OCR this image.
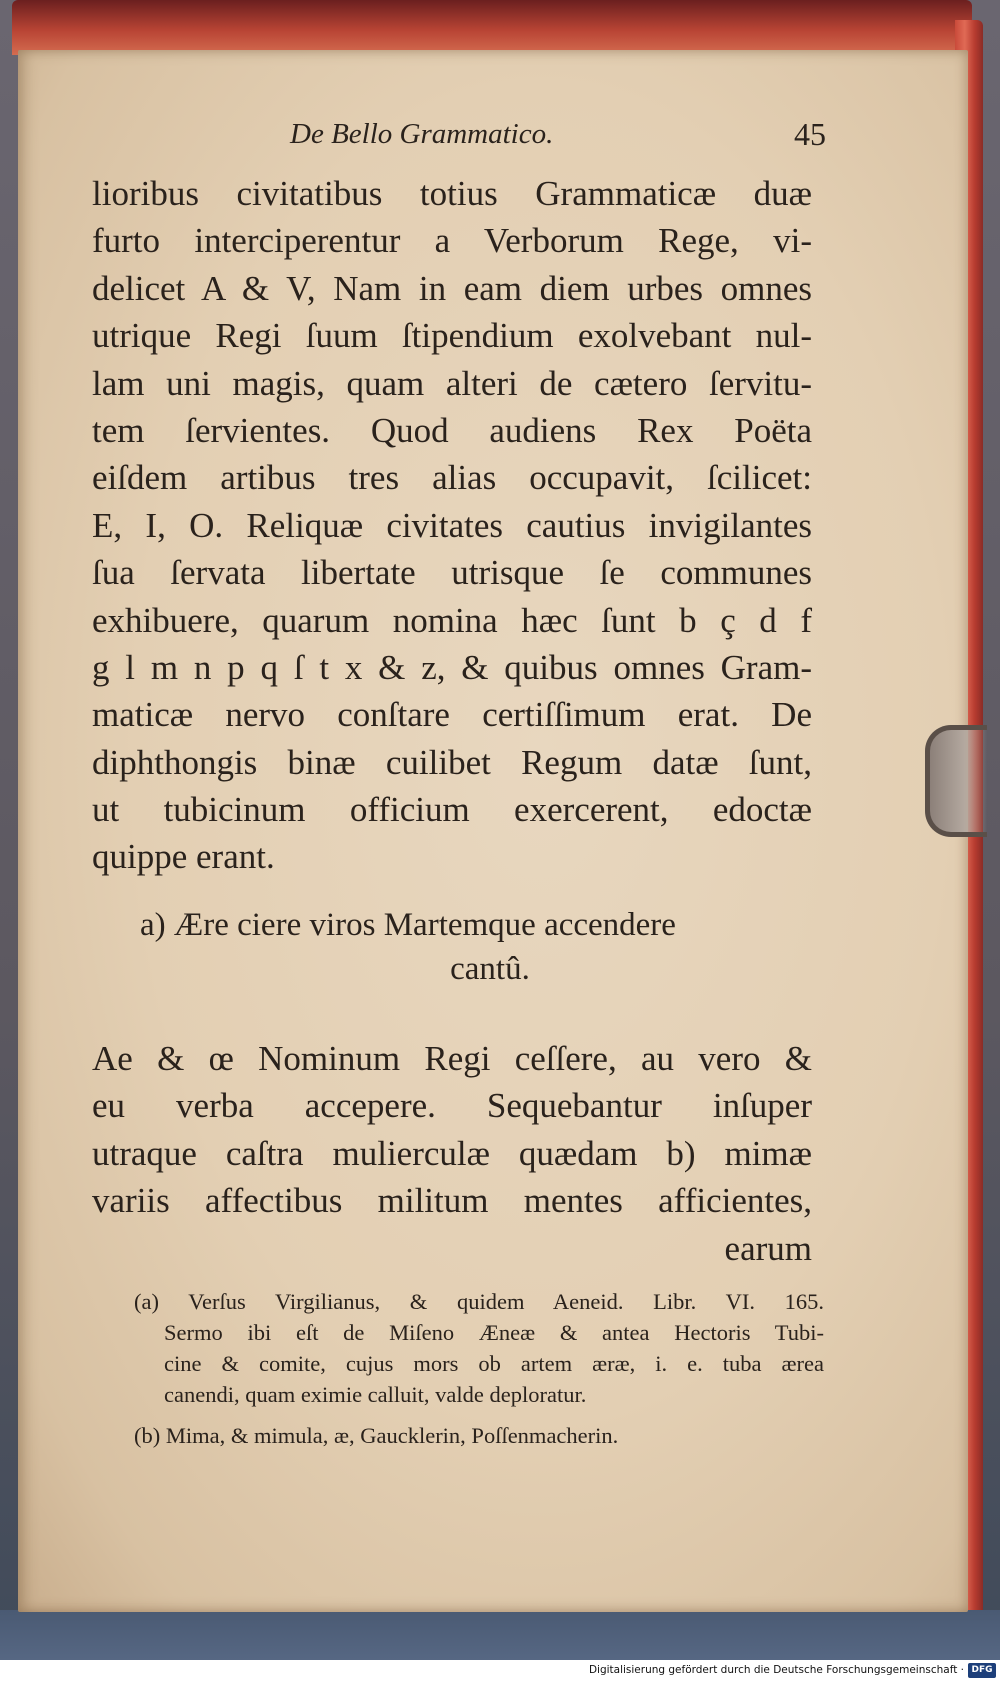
De Bello Grammatico.	45
lioribus civitatibus totius Grammaticæ duæ
furto interciperentur a Verborum Rege, vi-
delicet A & V, Nam in eam diem urbes omnes
utrique Regi ſuum ſtipendium exolvebant nul-
lam uni magis, quam alteri de cætero ſervitu-
tem ſervientes. Quod audiens Rex Poëta
eiſdem artibus tres alias occupavit, ſcilicet:
E, I, O. Reliquæ civitates cautius invigilantes
ſua ſervata libertate utrisque ſe communes
exhibuere, quarum nomina hæc ſunt b ç d f
g l m n p q ſ t x & z, & quibus omnes Gram-
maticæ nervo conſtare certiſſimum erat. De
diphthongis binæ cuilibet Regum datæ ſunt,
ut tubicinum officium exercerent, edoctæ
quippe erant.
a) Ære ciere viros Martemque accendere
cantû.
Ae & œ Nominum Regi ceſſere, au vero &
eu verba accepere. Sequebantur inſuper
utraque caſtra mulierculæ quædam b) mimæ
variis affectibus militum mentes afficientes,
earum
(a) Verſus Virgilianus, & quidem Aeneid. Libr. VI. 165.
Sermo ibi eſt de Miſeno Æneæ & antea Hectoris Tubi-
cine & comite, cujus mors ob artem æræ, i. e. tuba ærea
canendi, quam eximie calluit, valde deploratur.
(b) Mima, & mimula, æ, Gaucklerin, Poſſenmacherin.
Digitalisierung gefördert durch die Deutsche Forschungsgemeinschaft · DFG
